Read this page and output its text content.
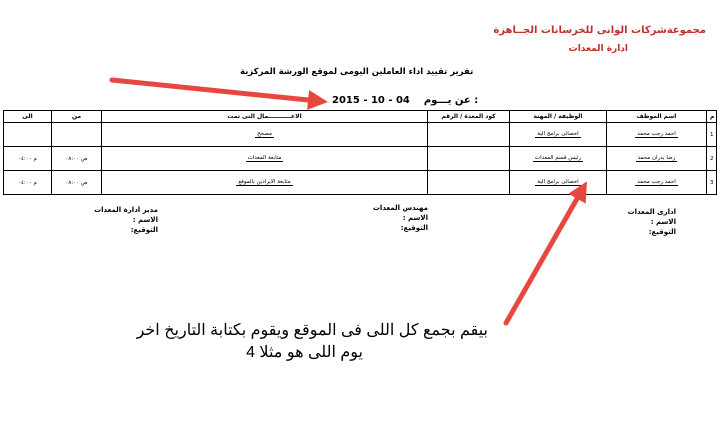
مجموعةشركات الوانى للخرسانات الجــاهزة
ادارة المعدات
تقرير تقييد اداء العاملين اليومى لموقع الورشة المركزية
2015 - 10 - 04 عن يـــوم :
الى	من	الاعـــــــــــمال التى تمت	كود المعدة / الرقم	الوظيفة / المهنة	اسم الموظف	م
		مصحح		اخصائى برامج الية	احمد رجب محمد	1
۰٤:۰۰ م	۰۸:۰۰ ص	متابعة المعدات		رئيس قسم المعدات	رضا بدران محمد	2
۰٤:۰۰ م	۰۸:۰۰ ص	متابعة الايرادين بالموقع		اخصائى برامج الية	احمد رجب محمد	3
ادارى المعدات
الاسم :
التوقيع:
مهندس المعدات
الاسم :
التوقيع:
مدير ادارة المعدات
الاسم :
التوقيع:
بيقم بجمع كل اللى فى الموقع ويقوم بكتابة التاريخ اخر
يوم اللى هو مثلا 4
